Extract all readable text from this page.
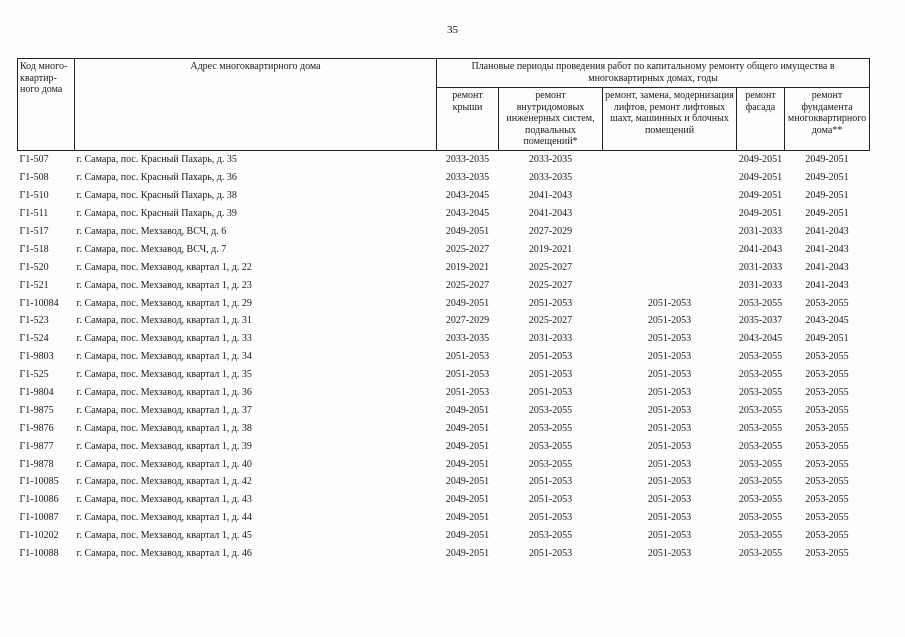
35
Код много-квартир-ного дома	Адрес многоквартирного дома	Плановые периоды проведения работ по капитальному ремонту общего имущества в многоквартирных домах, годы				
		ремонт крыши	ремонт внутридомовых инженерных систем, подвальных помещений*	ремонт, замена, модернизация лифтов, ремонт лифтовых шахт, машинных и блочных помещений	ремонт фасада	ремонт фундамента многоквартирного дома**
Г1-507	г. Самара, пос. Красный Пахарь, д. 35	2033-2035	2033-2035		2049-2051	2049-2051
Г1-508	г. Самара, пос. Красный Пахарь, д. 36	2033-2035	2033-2035		2049-2051	2049-2051
Г1-510	г. Самара, пос. Красный Пахарь, д. 38	2043-2045	2041-2043		2049-2051	2049-2051
Г1-511	г. Самара, пос. Красный Пахарь, д. 39	2043-2045	2041-2043		2049-2051	2049-2051
Г1-517	г. Самара, пос. Мехзавод, ВСЧ, д. 6	2049-2051	2027-2029		2031-2033	2041-2043
Г1-518	г. Самара, пос. Мехзавод, ВСЧ, д. 7	2025-2027	2019-2021		2041-2043	2041-2043
Г1-520	г. Самара, пос. Мехзавод, квартал 1, д. 22	2019-2021	2025-2027		2031-2033	2041-2043
Г1-521	г. Самара, пос. Мехзавод, квартал 1, д. 23	2025-2027	2025-2027		2031-2033	2041-2043
Г1-10084	г. Самара, пос. Мехзавод, квартал 1, д. 29	2049-2051	2051-2053	2051-2053	2053-2055	2053-2055
Г1-523	г. Самара, пос. Мехзавод, квартал 1, д. 31	2027-2029	2025-2027	2051-2053	2035-2037	2043-2045
Г1-524	г. Самара, пос. Мехзавод, квартал 1, д. 33	2033-2035	2031-2033	2051-2053	2043-2045	2049-2051
Г1-9803	г. Самара, пос. Мехзавод, квартал 1, д. 34	2051-2053	2051-2053	2051-2053	2053-2055	2053-2055
Г1-525	г. Самара, пос. Мехзавод, квартал 1, д. 35	2051-2053	2051-2053	2051-2053	2053-2055	2053-2055
Г1-9804	г. Самара, пос. Мехзавод, квартал 1, д. 36	2051-2053	2051-2053	2051-2053	2053-2055	2053-2055
Г1-9875	г. Самара, пос. Мехзавод, квартал 1, д. 37	2049-2051	2053-2055	2051-2053	2053-2055	2053-2055
Г1-9876	г. Самара, пос. Мехзавод, квартал 1, д. 38	2049-2051	2053-2055	2051-2053	2053-2055	2053-2055
Г1-9877	г. Самара, пос. Мехзавод, квартал 1, д. 39	2049-2051	2053-2055	2051-2053	2053-2055	2053-2055
Г1-9878	г. Самара, пос. Мехзавод, квартал 1, д. 40	2049-2051	2053-2055	2051-2053	2053-2055	2053-2055
Г1-10085	г. Самара, пос. Мехзавод, квартал 1, д. 42	2049-2051	2051-2053	2051-2053	2053-2055	2053-2055
Г1-10086	г. Самара, пос. Мехзавод, квартал 1, д. 43	2049-2051	2051-2053	2051-2053	2053-2055	2053-2055
Г1-10087	г. Самара, пос. Мехзавод, квартал 1, д. 44	2049-2051	2051-2053	2051-2053	2053-2055	2053-2055
Г1-10202	г. Самара, пос. Мехзавод, квартал 1, д. 45	2049-2051	2053-2055	2051-2053	2053-2055	2053-2055
Г1-10088	г. Самара, пос. Мехзавод, квартал 1, д. 46	2049-2051	2051-2053	2051-2053	2053-2055	2053-2055
